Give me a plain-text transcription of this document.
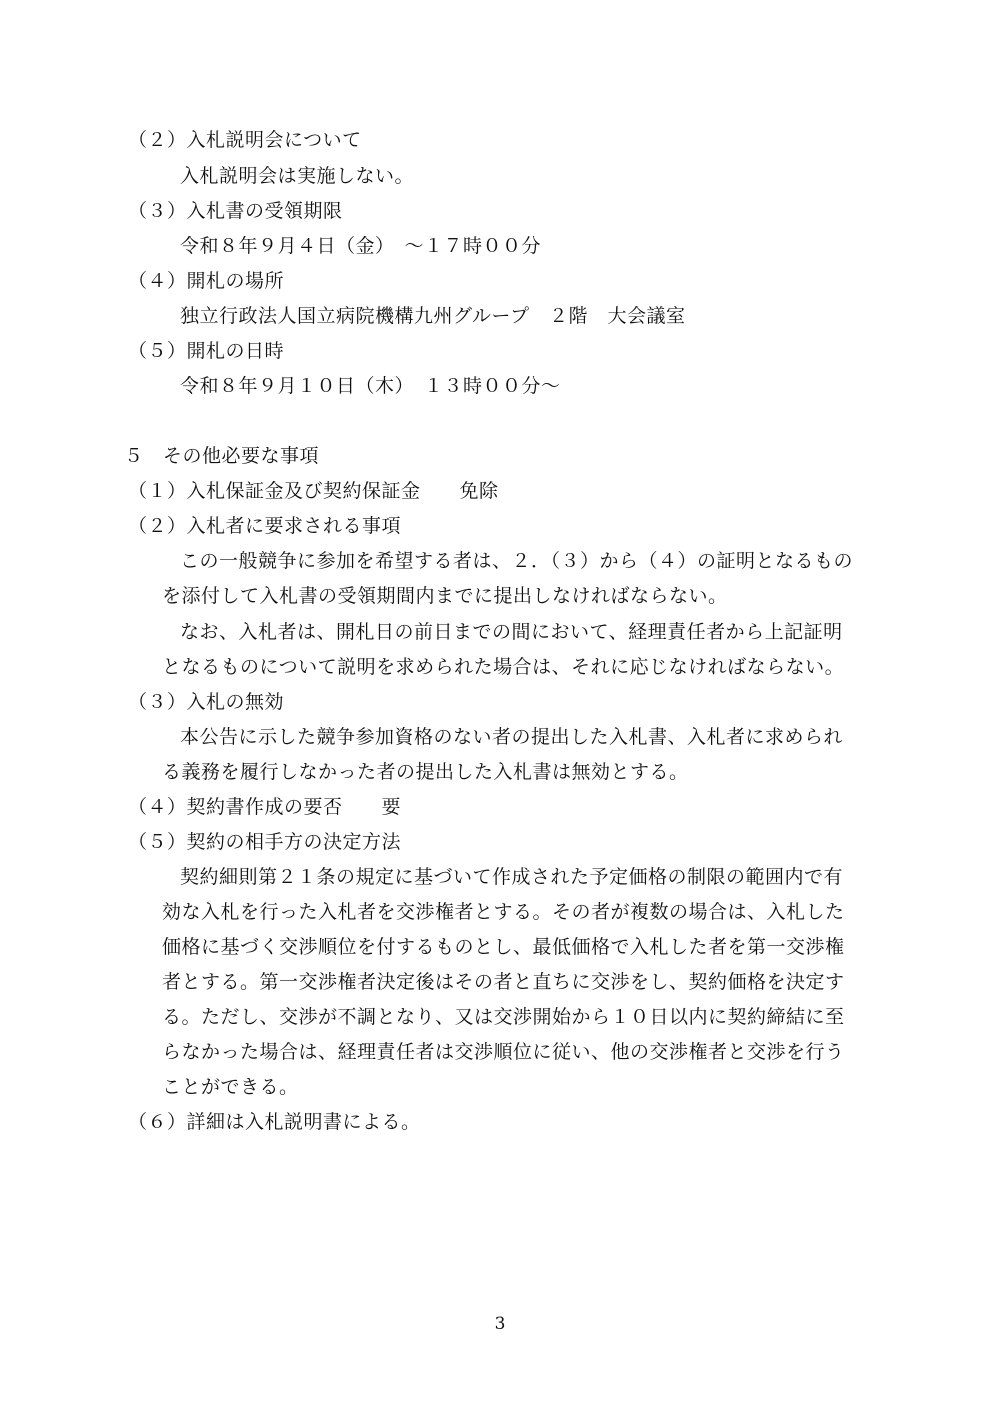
（２）入札説明会について
入札説明会は実施しない。
（３）入札書の受領期限
令和８年９月４日（金）　～１７時００分
（４）開札の場所
独立行政法人国立病院機構九州グループ　２階　大会議室
（５）開札の日時
令和８年９月１０日（木）　１３時００分～
５　その他必要な事項
（１）入札保証金及び契約保証金　　免除
（２）入札者に要求される事項
この一般競争に参加を希望する者は、２．（３）から（４）の証明となるもの
を添付して入札書の受領期間内までに提出しなければならない。
なお、入札者は、開札日の前日までの間において、経理責任者から上記証明
となるものについて説明を求められた場合は、それに応じなければならない。
（３）入札の無効
本公告に示した競争参加資格のない者の提出した入札書、入札者に求められ
る義務を履行しなかった者の提出した入札書は無効とする。
（４）契約書作成の要否　　要
（５）契約の相手方の決定方法
契約細則第２１条の規定に基づいて作成された予定価格の制限の範囲内で有
効な入札を行った入札者を交渉権者とする。その者が複数の場合は、入札した
価格に基づく交渉順位を付するものとし、最低価格で入札した者を第一交渉権
者とする。第一交渉権者決定後はその者と直ちに交渉をし、契約価格を決定す
る。ただし、交渉が不調となり、又は交渉開始から１０日以内に契約締結に至
らなかった場合は、経理責任者は交渉順位に従い、他の交渉権者と交渉を行う
ことができる。
（６）詳細は入札説明書による。
3
